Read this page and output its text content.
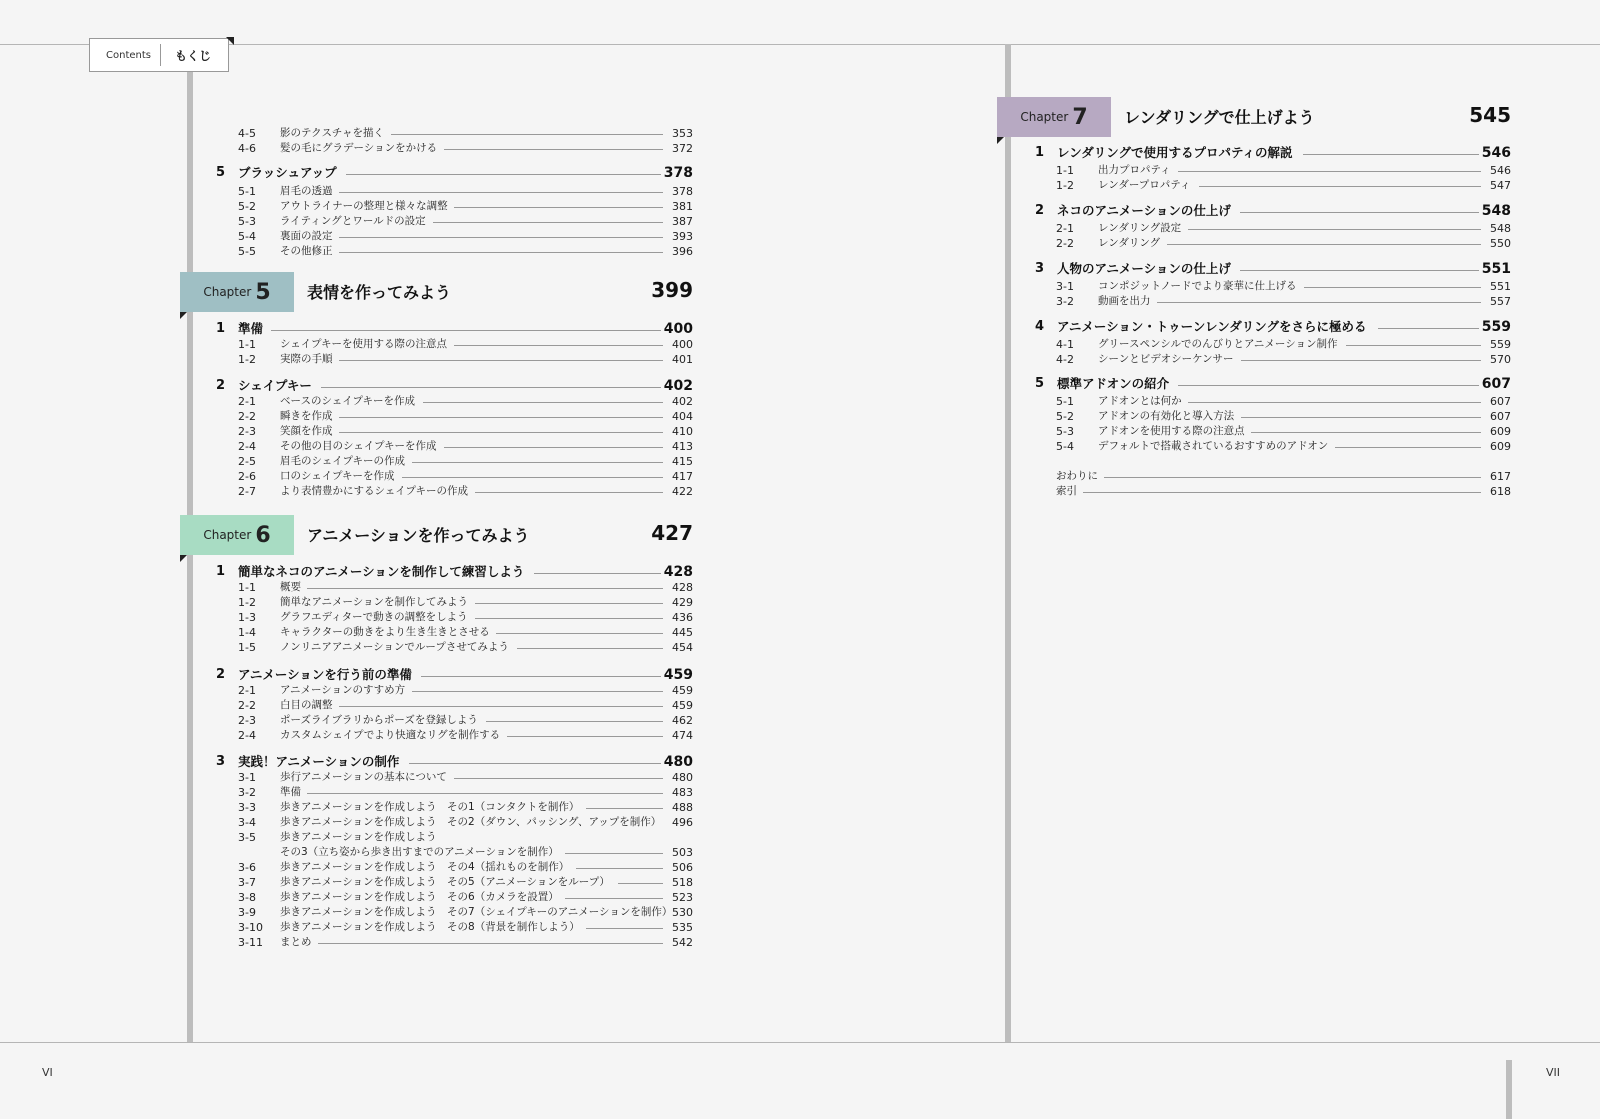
Contents	もくじ
VI	VII
4-5 影のテクスチャを描く	353
4-6 髪の毛にグラデーションをかける	372
5 ブラッシュアップ	378
5-1 眉毛の透過	378
5-2 アウトライナーの整理と様々な調整	381
5-3 ライティングとワールドの設定	387
5-4 裏面の設定	393
5-5 その他修正	396
Chapter 5 表情を作ってみよう	399
1 準備	400
1-1 シェイプキーを使用する際の注意点	400
1-2 実際の手順	401
2 シェイプキー	402
2-1 ベースのシェイプキーを作成	402
2-2 瞬きを作成	404
2-3 笑顔を作成	410
2-4 その他の目のシェイプキーを作成	413
2-5 眉毛のシェイプキーの作成	415
2-6 口のシェイプキーを作成	417
2-7 より表情豊かにするシェイプキーの作成	422
Chapter 6 アニメーションを作ってみよう	427
1 簡単なネコのアニメーションを制作して練習しよう	428
1-1 概要	428
1-2 簡単なアニメーションを制作してみよう	429
1-3 グラフエディターで動きの調整をしよう	436
1-4 キャラクターの動きをより生き生きとさせる	445
1-5 ノンリニアアニメーションでループさせてみよう	454
2 アニメーションを行う前の準備	459
2-1 アニメーションのすすめ方	459
2-2 白目の調整	459
2-3 ポーズライブラリからポーズを登録しよう	462
2-4 カスタムシェイプでより快適なリグを制作する	474
3 実践！アニメーションの制作	480
3-1 歩行アニメーションの基本について	480
3-2 準備	483
3-3 歩きアニメーションを作成しよう　その1（コンタクトを制作）	488
3-4 歩きアニメーションを作成しよう　その2（ダウン、パッシング、アップを制作） 496
3-5 歩きアニメーションを作成しよう
その3（立ち姿から歩き出すまでのアニメーションを制作）	503
3-6 歩きアニメーションを作成しよう　その4（揺れものを制作）	506
3-7 歩きアニメーションを作成しよう　その5（アニメーションをループ）	518
3-8 歩きアニメーションを作成しよう　その6（カメラを設置）	523
3-9 歩きアニメーションを作成しよう　その7（シェイプキーのアニメーションを制作） 530
3-10 歩きアニメーションを作成しよう　その8（背景を制作しよう）	535
3-11 まとめ	542
Chapter 7 レンダリングで仕上げよう	545
1 レンダリングで使用するプロパティの解説	546
1-1 出力プロパティ	546
1-2 レンダープロパティ	547
2 ネコのアニメーションの仕上げ	548
2-1 レンダリング設定	548
2-2 レンダリング	550
3 人物のアニメーションの仕上げ	551
3-1 コンポジットノードでより豪華に仕上げる	551
3-2 動画を出力	557
4 アニメーション・トゥーンレンダリングをさらに極める	559
4-1 グリースペンシルでのんびりとアニメーション制作	559
4-2 シーンとビデオシーケンサー	570
5 標準アドオンの紹介	607
5-1 アドオンとは何か	607
5-2 アドオンの有効化と導入方法	607
5-3 アドオンを使用する際の注意点	609
5-4 デフォルトで搭載されているおすすめのアドオン	609
おわりに	617
索引	618
